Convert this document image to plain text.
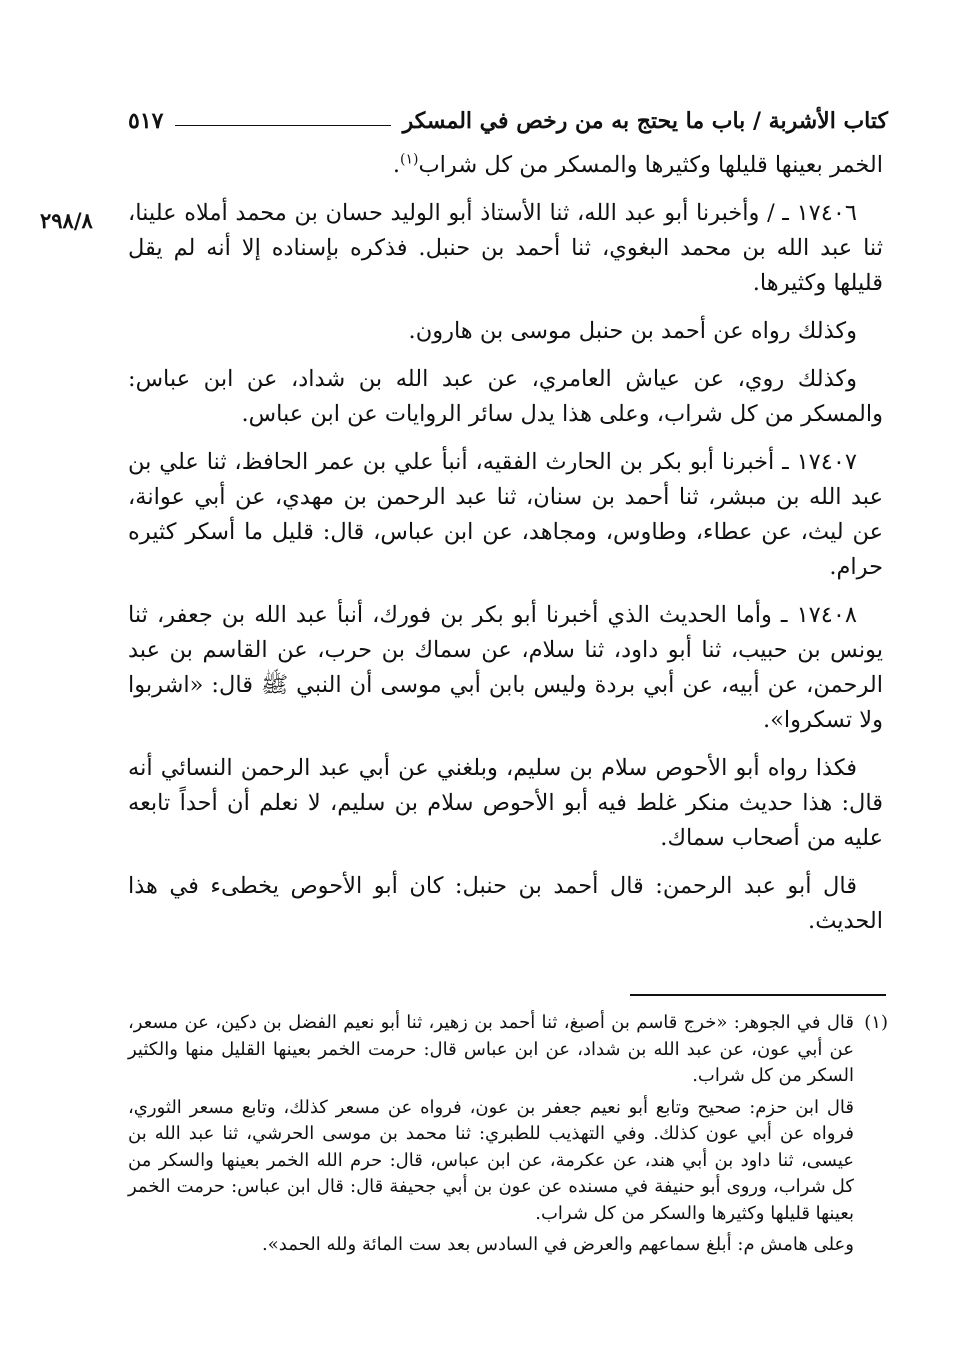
كتاب الأشربة / باب ما يحتج به من رخص في المسكر
٥١٧
٢٩٨/٨

الخمر بعينها قليلها وكثيرها والمسكر من كل شراب$^{(١)}$.

١٧٤٠٦ ـ / وأخبرنا أبو عبد الله، ثنا الأستاذ أبو الوليد حسان بن محمد أملاه علينا، ثنا عبد الله بن محمد البغوي، ثنا أحمد بن حنبل. فذكره بإسناده إلا أنه لم يقل قليلها وكثيرها.

وكذلك رواه عن أحمد بن حنبل موسى بن هارون.

وكذلك روي، عن عياش العامري، عن عبد الله بن شداد، عن ابن عباس: والمسكر من كل شراب، وعلى هذا يدل سائر الروايات عن ابن عباس.

١٧٤٠٧ ـ أخبرنا أبو بكر بن الحارث الفقيه، أنبأ علي بن عمر الحافظ، ثنا علي بن عبد الله بن مبشر، ثنا أحمد بن سنان، ثنا عبد الرحمن بن مهدي، عن أبي عوانة، عن ليث، عن عطاء، وطاوس، ومجاهد، عن ابن عباس، قال: قليل ما أسكر كثيره حرام.

١٧٤٠٨ ـ وأما الحديث الذي أخبرنا أبو بكر بن فورك، أنبأ عبد الله بن جعفر، ثنا يونس بن حبيب، ثنا أبو داود، ثنا سلام، عن سماك بن حرب، عن القاسم بن عبد الرحمن، عن أبيه، عن أبي بردة وليس بابن أبي موسى أن النبي ﷺ قال: «اشربوا ولا تسكروا».

فكذا رواه أبو الأحوص سلام بن سليم، وبلغني عن أبي عبد الرحمن النسائي أنه قال: هذا حديث منكر غلط فيه أبو الأحوص سلام بن سليم، لا نعلم أن أحداً تابعه عليه من أصحاب سماك.

قال أبو عبد الرحمن: قال أحمد بن حنبل: كان أبو الأحوص يخطىء في هذا الحديث.

(١)
قال في الجوهر: «خرج قاسم بن أصبغ، ثنا أحمد بن زهير، ثنا أبو نعيم الفضل بن دكين، عن مسعر، عن أبي عون، عن عبد الله بن شداد، عن ابن عباس قال: حرمت الخمر بعينها القليل منها والكثير السكر من كل شراب.
قال ابن حزم: صحيح وتابع أبو نعيم جعفر بن عون، فرواه عن مسعر كذلك، وتابع مسعر الثوري، فرواه عن أبي عون كذلك. وفي التهذيب للطبري: ثنا محمد بن موسى الحرشي، ثنا عبد الله بن عيسى، ثنا داود بن أبي هند، عن عكرمة، عن ابن عباس، قال: حرم الله الخمر بعينها والسكر من كل شراب، وروى أبو حنيفة في مسنده عن عون بن أبي جحيفة قال: قال ابن عباس: حرمت الخمر بعينها قليلها وكثيرها والسكر من كل شراب.
وعلى هامش م: أبلغ سماعهم والعرض في السادس بعد ست المائة ولله الحمد».
